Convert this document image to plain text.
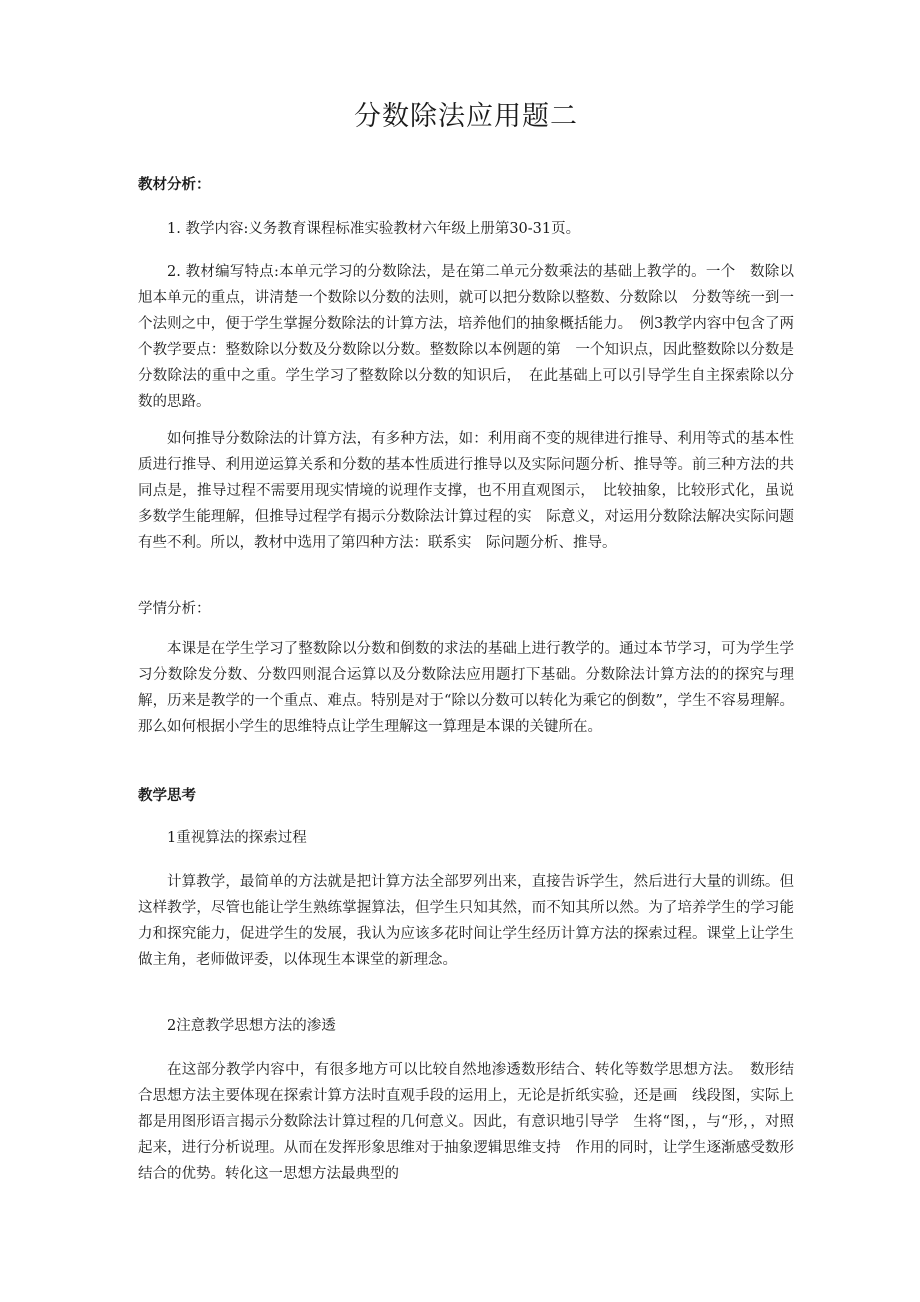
分数除法应用题二

教材分析：

1. 教学内容:义务教育课程标准实验教材六年级上册第30-31页。

2. 教材编写特点:本单元学习的分数除法，是在第二单元分数乘法的基础上教学的。一个　数除以旭本单元的重点，讲清楚一个数除以分数的法则，就可以把分数除以整数、分数除以　分数等统一到一个法则之中，便于学生掌握分数除法的计算方法，培养他们的抽象概括能力。　例3教学内容中包含了两个教学要点：整数除以分数及分数除以分数。整数除以本例题的第　一个知识点，因此整数除以分数是分数除法的重中之重。学生学习了整数除以分数的知识后，　在此基础上可以引导学生自主探索除以分数的思路。

如何推导分数除法的计算方法，有多种方法，如：利用商不变的规律进行推导、利用等式的基本性质进行推导、利用逆运算关系和分数的基本性质进行推导以及实际问题分析、推导等。前三种方法的共同点是，推导过程不需要用现实情境的说理作支撑，也不用直观图示，　比较抽象，比较形式化，虽说多数学生能理解，但推导过程学有揭示分数除法计算过程的实　际意义，对运用分数除法解决实际问题有些不利。所以，教材中选用了第四种方法：联系实　际问题分析、推导。

学情分析：

本课是在学生学习了整数除以分数和倒数的求法的基础上进行教学的。通过本节学习，可为学生学习分数除发分数、分数四则混合运算以及分数除法应用题打下基础。分数除法计算方法的的探究与理解，历来是教学的一个重点、难点。特别是对于“除以分数可以转化为乘它的倒数”，学生不容易理解。那么如何根据小学生的思维特点让学生理解这一算理是本课的关键所在。

教学思考

1重视算法的探索过程

计算教学，最简单的方法就是把计算方法全部罗列出来，直接告诉学生，然后进行大量的训练。但这样教学，尽管也能让学生熟练掌握算法，但学生只知其然，而不知其所以然。为了培养学生的学习能力和探究能力，促进学生的发展，我认为应该多花时间让学生经历计算方法的探索过程。课堂上让学生做主角，老师做评委，以体现生本课堂的新理念。

2注意教学思想方法的渗透

在这部分教学内容中，有很多地方可以比较自然地渗透数形结合、转化等数学思想方法。　数形结合思想方法主要体现在探索计算方法时直观手段的运用上，无论是折纸实验，还是画　线段图，实际上都是用图形语言揭示分数除法计算过程的几何意义。因此，有意识地引导学　生将“图，，与“形，，对照起来，进行分析说理。从而在发挥形象思维对于抽象逻辑思维支持　作用的同时，让学生逐渐感受数形结合的优势。转化这一思想方法最典型的
